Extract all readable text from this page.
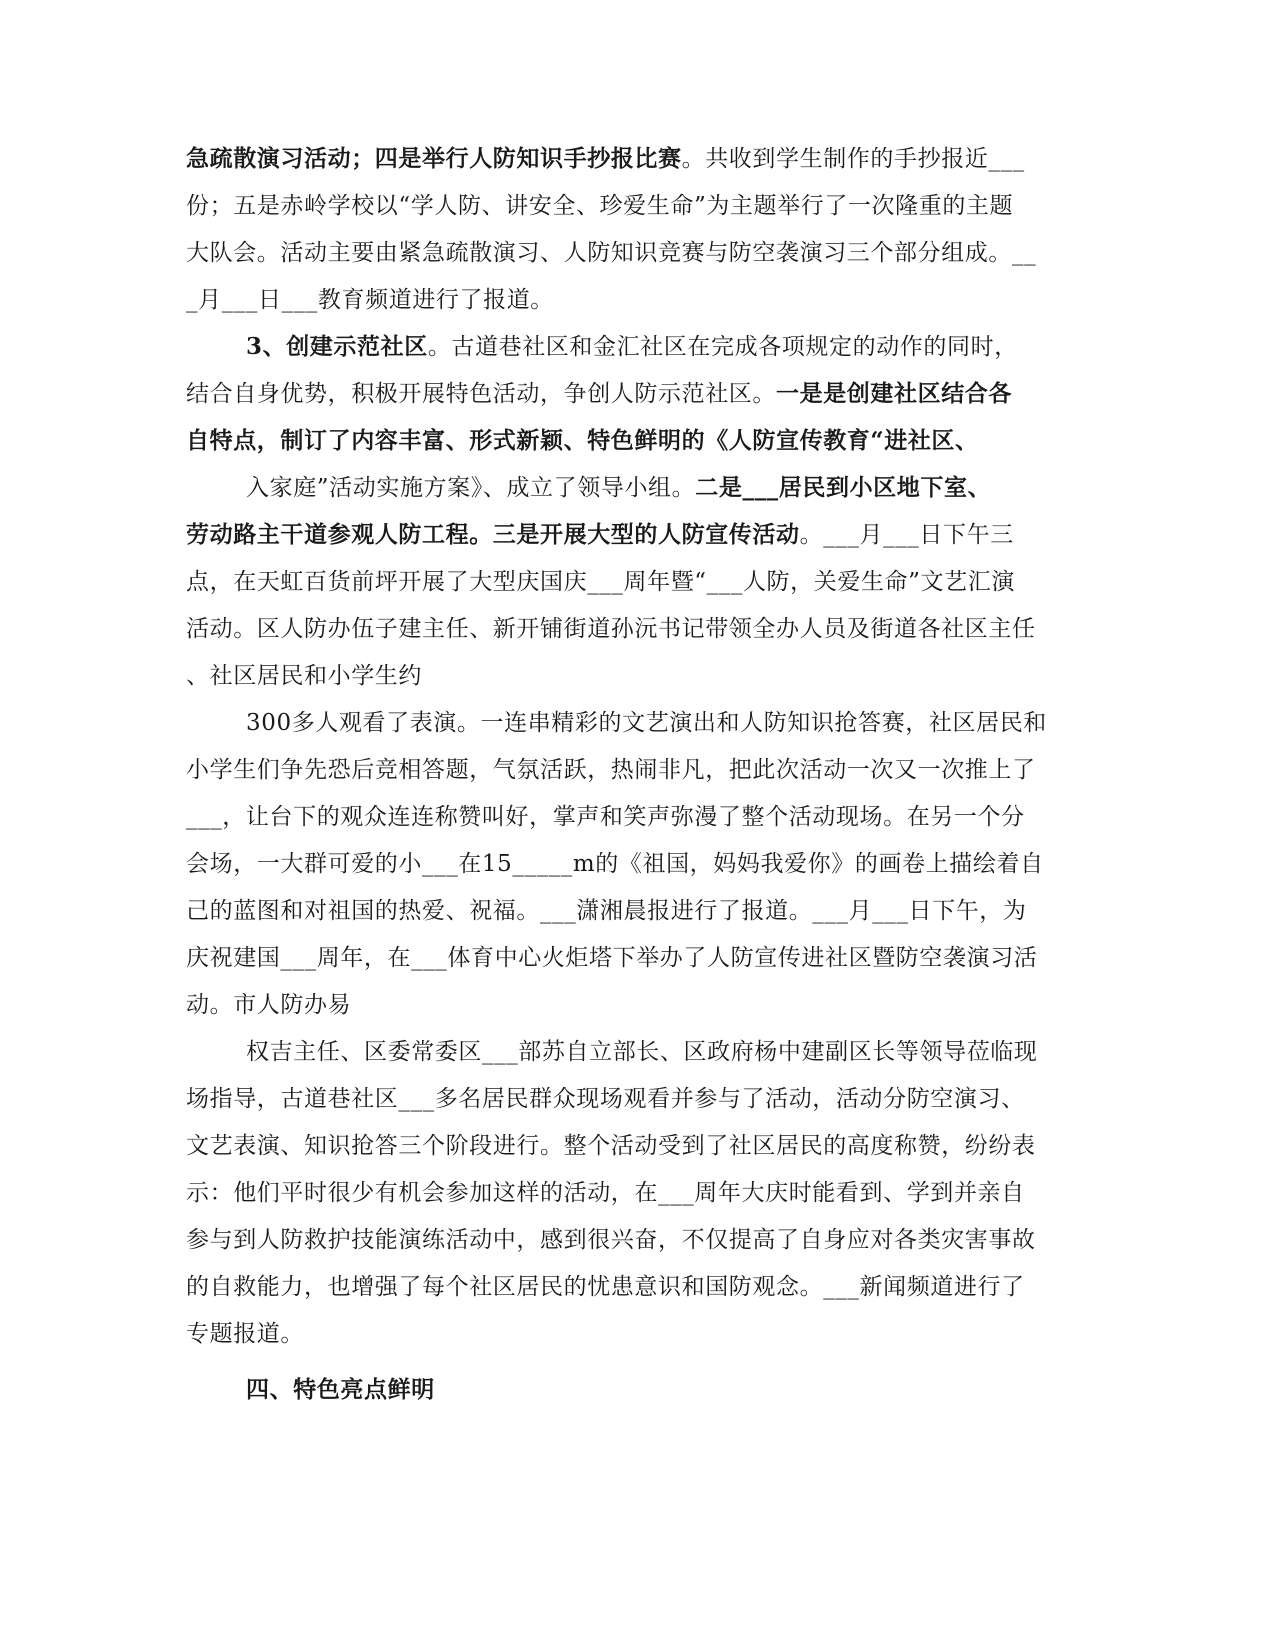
急疏散演习活动；四是举行人防知识手抄报比赛。共收到学生制作的手抄报近___
份；五是赤岭学校以“学人防、讲安全、珍爱生命”为主题举行了一次隆重的主题
大队会。活动主要由紧急疏散演习、人防知识竞赛与防空袭演习三个部分组成。__
_月___日___教育频道进行了报道。
3、创建示范社区。古道巷社区和金汇社区在完成各项规定的动作的同时，
结合自身优势，积极开展特色活动，争创人防示范社区。一是是创建社区结合各
自特点，制订了内容丰富、形式新颖、特色鲜明的《人防宣传教育“进社区、
入家庭”活动实施方案》、成立了领导小组。二是___居民到小区地下室、
劳动路主干道参观人防工程。三是开展大型的人防宣传活动。___月___日下午三
点，在天虹百货前坪开展了大型庆国庆___周年暨“___人防，关爱生命”文艺汇演
活动。区人防办伍子建主任、新开铺街道孙沅书记带领全办人员及街道各社区主任
、社区居民和小学生约
300多人观看了表演。一连串精彩的文艺演出和人防知识抢答赛，社区居民和
小学生们争先恐后竞相答题，气氛活跃，热闹非凡，把此次活动一次又一次推上了
___，让台下的观众连连称赞叫好，掌声和笑声弥漫了整个活动现场。在另一个分
会场，一大群可爱的小___在15_____m的《祖国，妈妈我爱你》的画卷上描绘着自
己的蓝图和对祖国的热爱、祝福。___潇湘晨报进行了报道。___月___日下午，为
庆祝建国___周年，在___体育中心火炬塔下举办了人防宣传进社区暨防空袭演习活
动。市人防办易
权吉主任、区委常委区___部苏自立部长、区政府杨中建副区长等领导莅临现
场指导，古道巷社区___多名居民群众现场观看并参与了活动，活动分防空演习、
文艺表演、知识抢答三个阶段进行。整个活动受到了社区居民的高度称赞，纷纷表
示：他们平时很少有机会参加这样的活动，在___周年大庆时能看到、学到并亲自
参与到人防救护技能演练活动中，感到很兴奋，不仅提高了自身应对各类灾害事故
的自救能力，也增强了每个社区居民的忧患意识和国防观念。___新闻频道进行了
专题报道。
四、特色亮点鲜明
